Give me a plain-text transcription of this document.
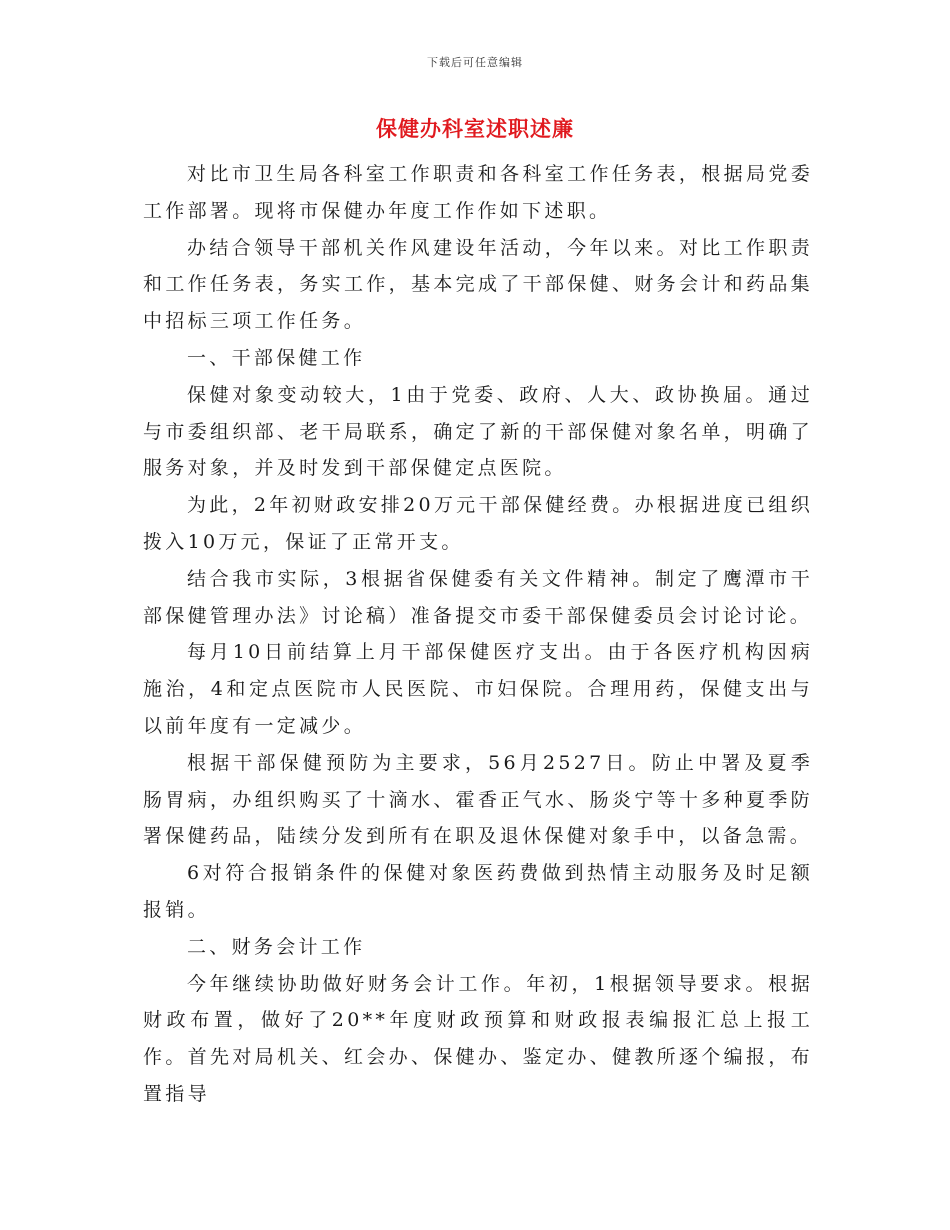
下载后可任意编辑

保健办科室述职述廉

对比市卫生局各科室工作职责和各科室工作任务表，根据局党委工作部署。现将市保健办年度工作作如下述职。

办结合领导干部机关作风建设年活动，今年以来。对比工作职责和工作任务表，务实工作，基本完成了干部保健、财务会计和药品集中招标三项工作任务。

一、干部保健工作

保健对象变动较大，1由于党委、政府、人大、政协换届。通过与市委组织部、老干局联系，确定了新的干部保健对象名单，明确了服务对象，并及时发到干部保健定点医院。

为此，2年初财政安排20万元干部保健经费。办根据进度已组织拨入10万元，保证了正常开支。

结合我市实际，3根据省保健委有关文件精神。制定了鹰潭市干部保健管理办法》讨论稿）准备提交市委干部保健委员会讨论讨论。

每月10日前结算上月干部保健医疗支出。由于各医疗机构因病施治，4和定点医院市人民医院、市妇保院。合理用药，保健支出与以前年度有一定减少。

根据干部保健预防为主要求，56月2527日。防止中署及夏季肠胃病，办组织购买了十滴水、霍香正气水、肠炎宁等十多种夏季防署保健药品，陆续分发到所有在职及退休保健对象手中，以备急需。

6对符合报销条件的保健对象医药费做到热情主动服务及时足额报销。

二、财务会计工作

今年继续协助做好财务会计工作。年初，1根据领导要求。根据财政布置，做好了20**年度财政预算和财政报表编报汇总上报工作。首先对局机关、红会办、保健办、鉴定办、健教所逐个编报，布置指导
